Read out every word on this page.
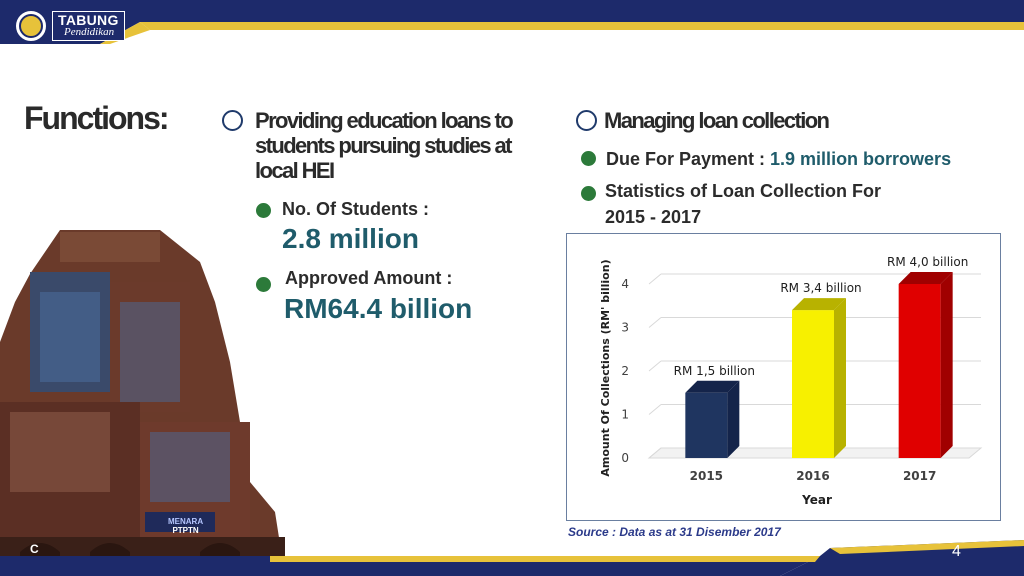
TABUNG
Pendidikan
MENARA
PTPTN
C	4
Functions:	Providing education loans to students pursuing studies at local HEI
No. Of Students :
2.8 million
Approved Amount :
RM64.4 billion
Managing loan collection
Due For Payment : 1.9 million borrowers
Statistics of Loan Collection For
2015 - 2017
0
1
2
3
4
2015
RM 1,5 billion
2016
RM 3,4 billion
2017
RM 4,0 billion
Year
Amount Of Collections (RM' billion)
Source : Data as at 31 Disember 2017
